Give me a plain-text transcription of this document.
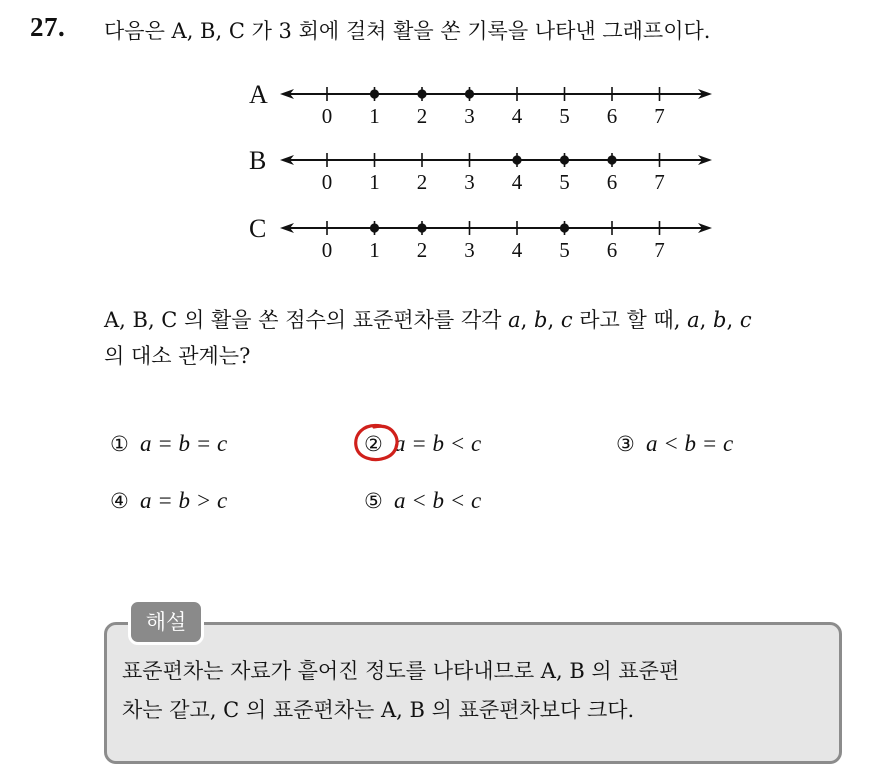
27. 다음은 A, B, C 가 3 회에 걸쳐 활을 쏜 기록을 나타낸 그래프이다.
A
0 1 2 3 4 5 6 7
B
0 1 2 3 4 5 6 7
C
0 1 2 3 4 5 6 7
A, B, C 의 활을 쏜 점수의 표준편차를 각각 a, b, c 라고 할 때, a, b, c
의 대소 관계는?
① a = b = c	② a = b < c	③ a < b = c
④ a = b > c	⑤ a < b < c
해설
표준편차는 자료가 흩어진 정도를 나타내므로 A, B 의 표준편
차는 같고, C 의 표준편차는 A, B 의 표준편차보다 크다.
